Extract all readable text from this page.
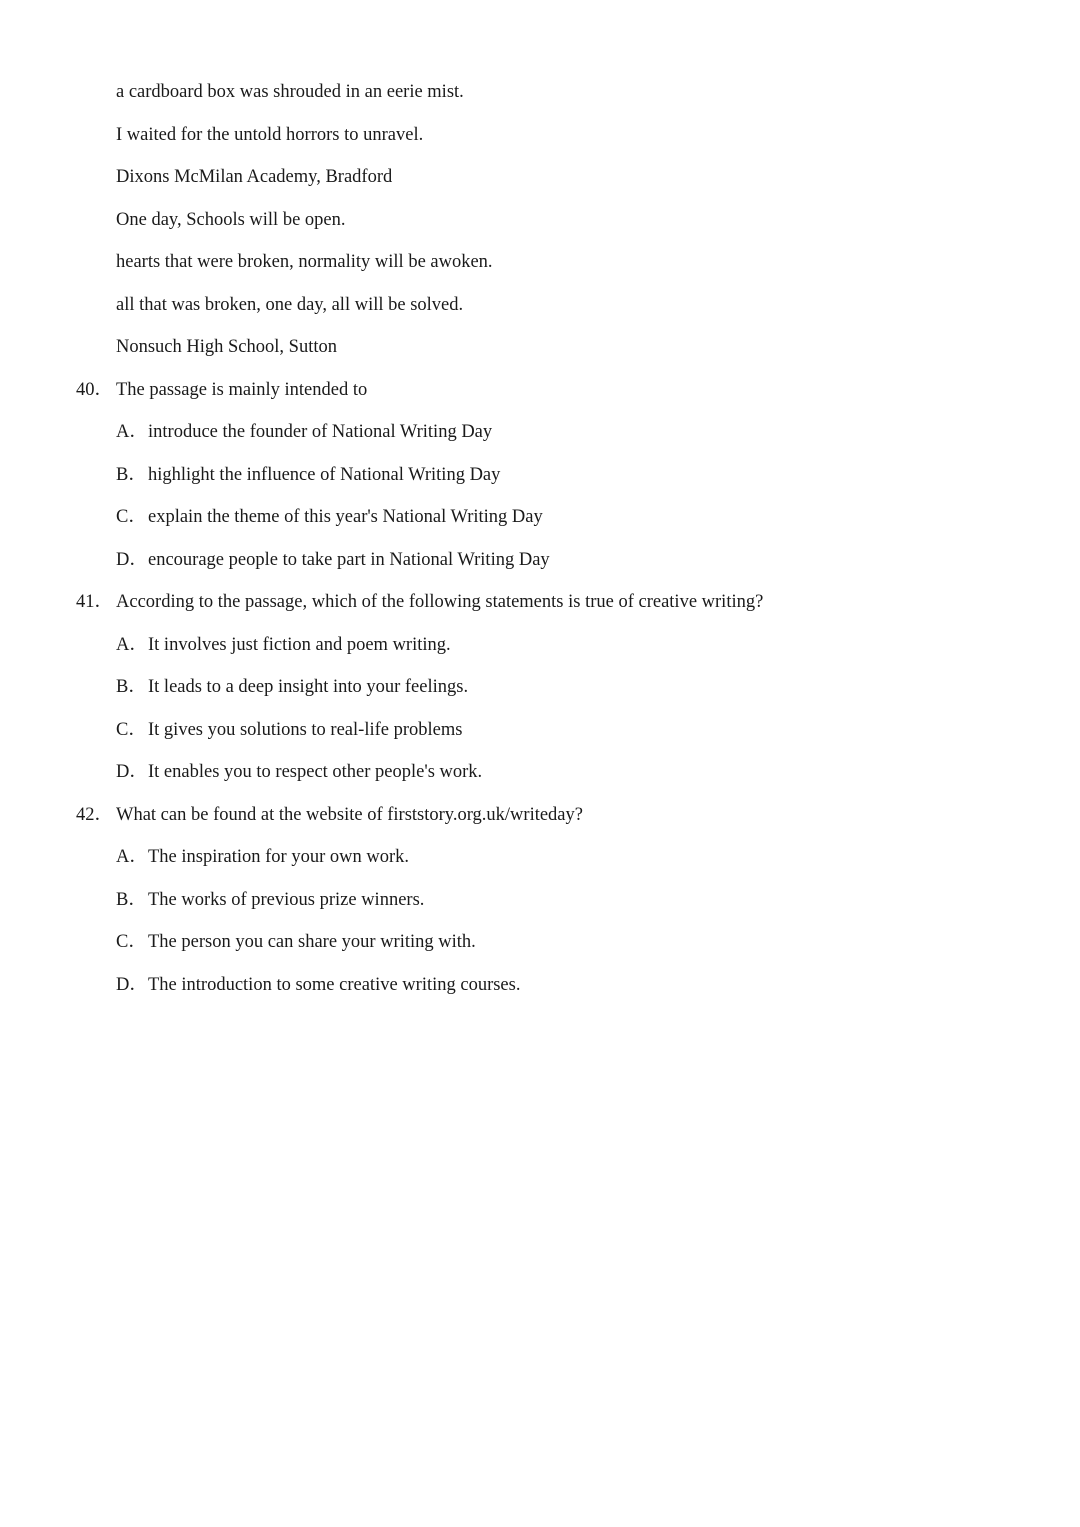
a cardboard box was shrouded in an eerie mist.
I waited for the untold horrors to unravel.
Dixons McMilan Academy, Bradford
One day, Schools will be open.
hearts that were broken, normality will be awoken.
all that was broken, one day, all will be solved.
Nonsuch High School, Sutton
40． The passage is mainly intended to
A． introduce the founder of National Writing Day
B． highlight the influence of National Writing Day
C． explain the theme of this year's National Writing Day
D． encourage people to take part in National Writing Day
41． According to the passage, which of the following statements is true of creative writing?
A． It involves just fiction and poem writing.
B． It leads to a deep insight into your feelings.
C． It gives you solutions to real-life problems
D． It enables you to respect other people's work.
42． What can be found at the website of firststory.org.uk/writeday?
A． The inspiration for your own work.
B． The works of previous prize winners.
C． The person you can share your writing with.
D． The introduction to some creative writing courses.
